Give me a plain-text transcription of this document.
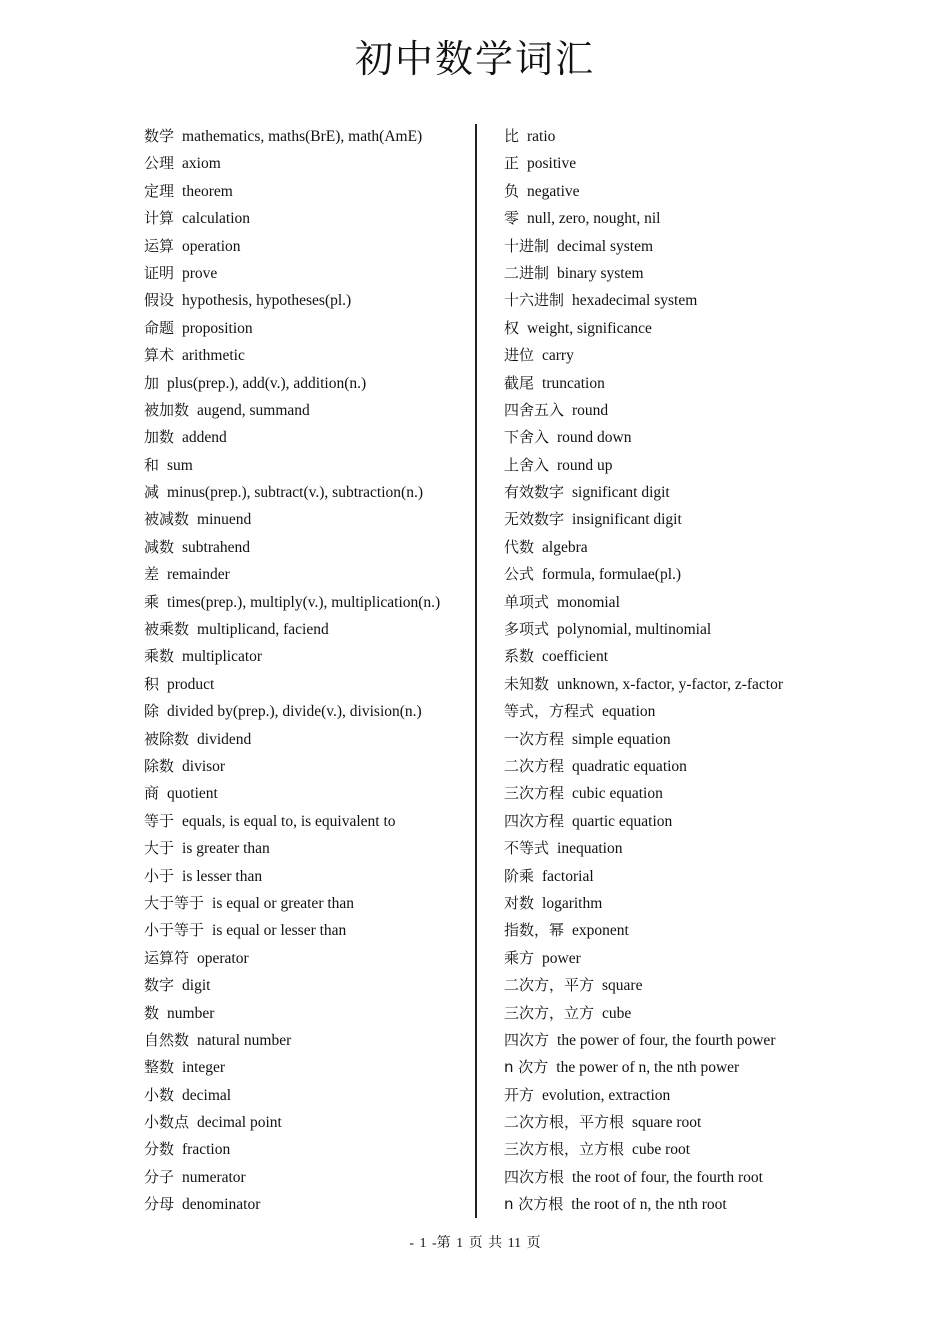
初中数学词汇
数学 mathematics, maths(BrE), math(AmE)
公理 axiom
定理 theorem
计算 calculation
运算 operation
证明 prove
假设 hypothesis, hypotheses(pl.)
命题 proposition
算术 arithmetic
加 plus(prep.), add(v.), addition(n.)
被加数 augend, summand
加数 addend
和 sum
减 minus(prep.), subtract(v.), subtraction(n.)
被减数 minuend
减数 subtrahend
差 remainder
乘 times(prep.), multiply(v.), multiplication(n.)
被乘数 multiplicand, faciend
乘数 multiplicator
积 product
除 divided by(prep.), divide(v.), division(n.)
被除数 dividend
除数 divisor
商 quotient
等于 equals, is equal to, is equivalent to
大于 is greater than
小于 is lesser than
大于等于 is equal or greater than
小于等于 is equal or lesser than
运算符 operator
数字 digit
数 number
自然数 natural number
整数 integer
小数 decimal
小数点 decimal point
分数 fraction
分子 numerator
分母 denominator
比 ratio
正 positive
负 negative
零 null, zero, nought, nil
十进制 decimal system
二进制 binary system
十六进制 hexadecimal system
权 weight, significance
进位 carry
截尾 truncation
四舍五入 round
下舍入 round down
上舍入 round up
有效数字 significant digit
无效数字 insignificant digit
代数 algebra
公式 formula, formulae(pl.)
单项式 monomial
多项式 polynomial, multinomial
系数 coefficient
未知数 unknown, x-factor, y-factor, z-factor
等式，方程式 equation
一次方程 simple equation
二次方程 quadratic equation
三次方程 cubic equation
四次方程 quartic equation
不等式 inequation
阶乘 factorial
对数 logarithm
指数，幂 exponent
乘方 power
二次方，平方 square
三次方，立方 cube
四次方 the power of four, the fourth power
n 次方 the power of n, the nth power
开方 evolution, extraction
二次方根，平方根 square root
三次方根，立方根 cube root
四次方根 the root of four, the fourth root
n 次方根 the root of n, the nth root
- 1 -第 1 页 共 11 页
